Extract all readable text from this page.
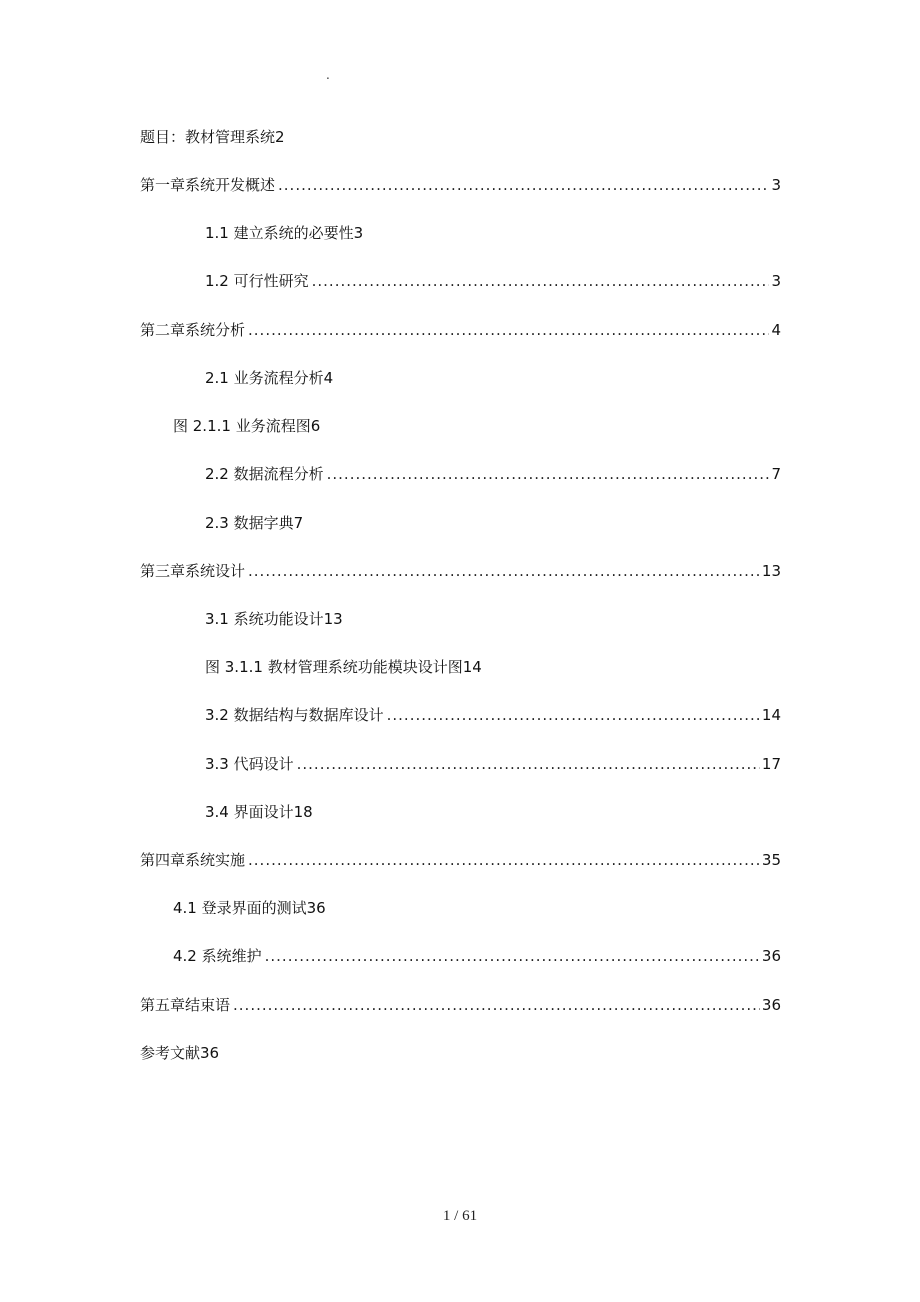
.
题目：教材管理系统 2
第一章系统开发概述 .....	3
1.1 建立系统的必要性 3
1.2 可行性研究 .....	3
第二章系统分析 .....	4
2.1 业务流程分析 4
图 2.1.1 业务流程图 6
2.2 数据流程分析 .....	7
2.3 数据字典 7
第三章系统设计 .....	13
3.1 系统功能设计 13
图 3.1.1 教材管理系统功能模块设计图 14
3.2 数据结构与数据库设计 .....	14
3.3 代码设计 .....	17
3.4 界面设计 18
第四章系统实施 .....	35
4.1 登录界面的测试 36
4.2 系统维护 .....	36
第五章结束语 .....	36
参考文献 36
1 / 61
